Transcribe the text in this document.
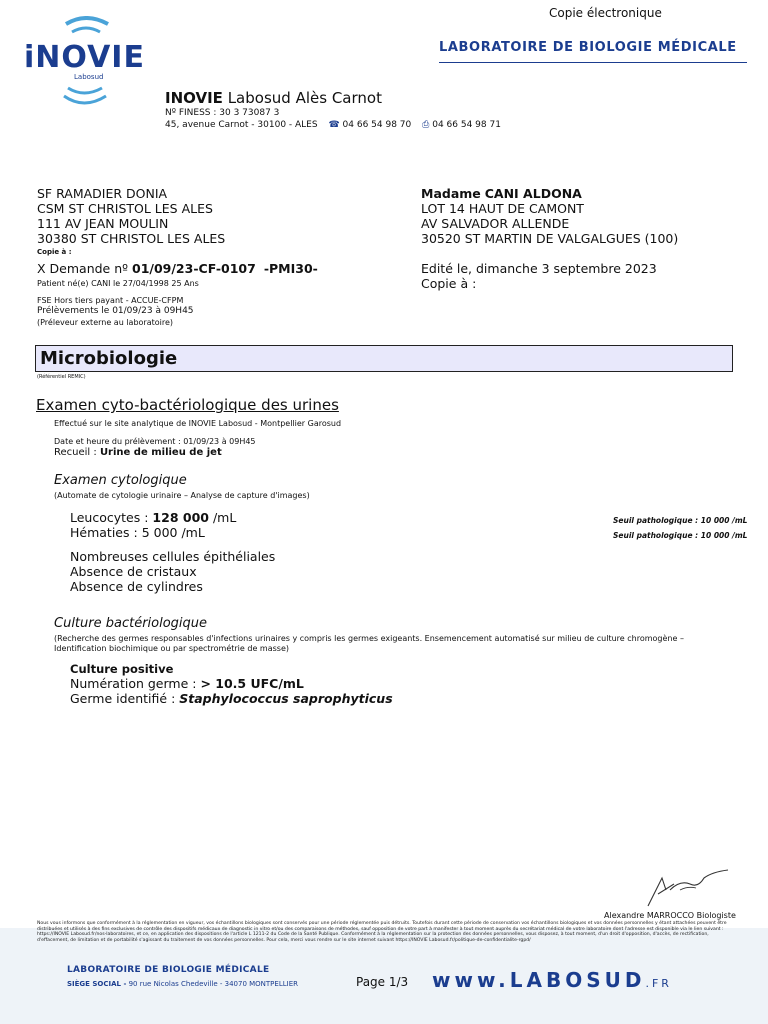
iNOVIE
Labosud
Copie électronique
LABORATOIRE DE BIOLOGIE MÉDICALE
INOVIE Labosud Alès Carnot
Nº FINESS : 30 3 73087 3
45, avenue Carnot - 30100 - ALES ☎ 04 66 54 98 70 ⎙ 04 66 54 98 71
SF RAMADIER DONIA
CSM ST CHRISTOL LES ALES
111 AV JEAN MOULIN
30380 ST CHRISTOL LES ALES
Copie à :
Madame CANI ALDONA
LOT 14 HAUT DE CAMONT
AV SALVADOR ALLENDE
30520 ST MARTIN DE VALGALGUES (100)
X Demande nº 01/09/23-CF-0107 -PMI30-
Patient né(e) CANI le 27/04/1998 25 Ans
FSE Hors tiers payant - ACCUE-CFPM
Prélèvements le 01/09/23 à 09H45
(Préleveur externe au laboratoire)
Edité le, dimanche 3 septembre 2023
Copie à :
Microbiologie
(Référentiel REMIC)
Examen cyto-bactériologique des urines
Effectué sur le site analytique de INOVIE Labosud - Montpellier Garosud
Date et heure du prélèvement : 01/09/23 à 09H45
Recueil : Urine de milieu de jet
Examen cytologique
(Automate de cytologie urinaire – Analyse de capture d'images)
Leucocytes : 128 000 /mL
Hématies : 5 000 /mL
Seuil pathologique : 10 000 /mL
Seuil pathologique : 10 000 /mL
Nombreuses cellules épithéliales
Absence de cristaux
Absence de cylindres
Culture bactériologique
(Recherche des germes responsables d'infections urinaires y compris les germes exigeants. Ensemencement automatisé sur milieu de culture chromogène – Identification biochimique ou par spectrométrie de masse)
Culture positive
Numération germe : > 10.5 UFC/mL
Germe identifié : Staphylococcus saprophyticus
Alexandre MARROCCO Biologiste
Nous vous informons que conformément à la réglementation en vigueur, vos échantillons biologiques sont conservés pour une période réglementée puis détruits. Toutefois durant cette période de conservation vos échantillons biologiques et vos données personnelles y étant attachées peuvent être distribuées et utilisés à des fins exclusives de contrôle des dispositifs médicaux de diagnostic in vitro et/ou des comparaisons de méthodes, sauf opposition de votre part à manifester à tout moment auprès du secrétariat médical de votre laboratoire dont l'adresse est disponible via le lien suivant : https://INOVIE Labosud.fr/nos-laboratoires, et ce, en application des dispositions de l'article L 1211-2 du Code de la Santé Publique. Conformément à la réglementation sur la protection des données personnelles, vous disposez, à tout moment, d'un droit d'opposition, d'accès, de rectification, d'effacement, de limitation et de portabilité s'agissant du traitement de vos données personnelles. Pour cela, merci vous rendre sur le site internet suivant https://INOVIE Labosud.fr/politique-de-confidentialite-rgpd/
LABORATOIRE DE BIOLOGIE MÉDICALE
SIÈGE SOCIAL - 90 rue Nicolas Chedeville - 34070 MONTPELLIER	Page 1/3 www.LABOSUD.FR
